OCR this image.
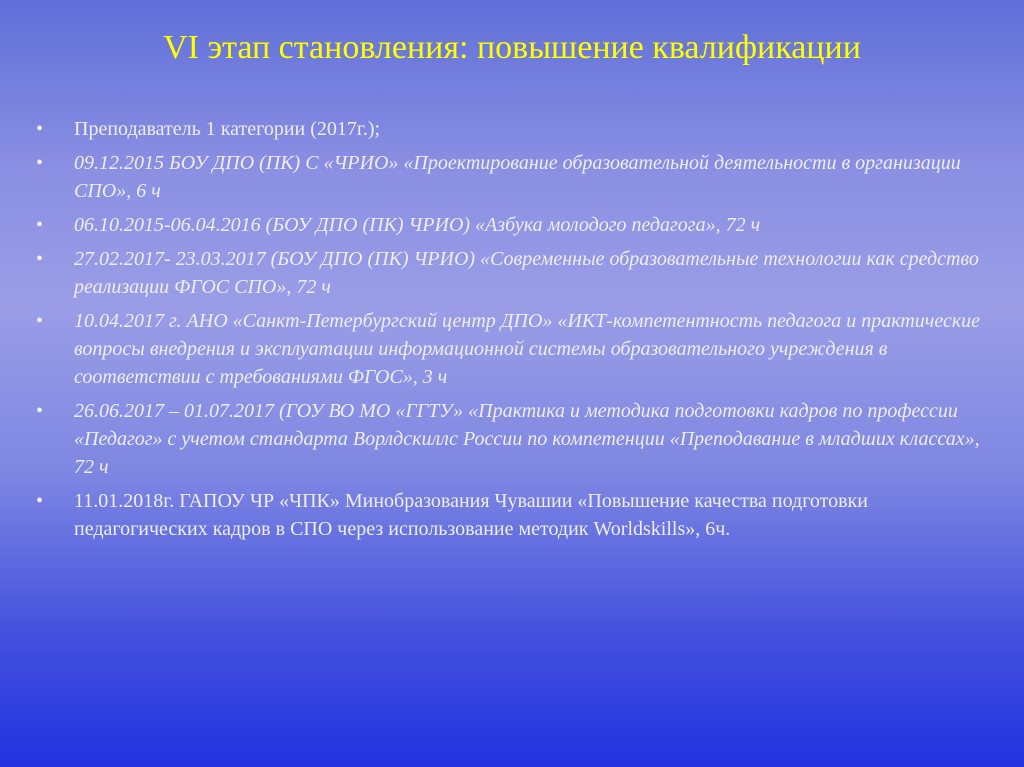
VI этап становления: повышение квалификации
•	Преподаватель 1 категории (2017г.);
•	09.12.2015 БОУ ДПО (ПК) С «ЧРИО» «Проектирование образовательной деятельности в организации СПО», 6 ч
•	06.10.2015-06.04.2016 (БОУ ДПО (ПК) ЧРИО) «Азбука молодого педагога», 72 ч
•	27.02.2017- 23.03.2017 (БОУ ДПО (ПК) ЧРИО) «Современные образовательные технологии как средство реализации ФГОС СПО», 72 ч
•	10.04.2017 г. АНО «Санкт-Петербургский центр ДПО» «ИКТ-компетентность педагога и практические вопросы внедрения и эксплуатации информационной системы образовательного учреждения в соответствии с требованиями ФГОС», 3 ч
•	26.06.2017 – 01.07.2017 (ГОУ ВО МО «ГГТУ» «Практика и методика подготовки кадров по профессии «Педагог» с учетом стандарта Ворлдскиллс России по компетенции «Преподавание в младших классах», 72 ч
•	11.01.2018г. ГАПОУ ЧР «ЧПК» Минобразования Чувашии «Повышение качества подготовки педагогических кадров в СПО через использование методик Worldskills», 6ч.
